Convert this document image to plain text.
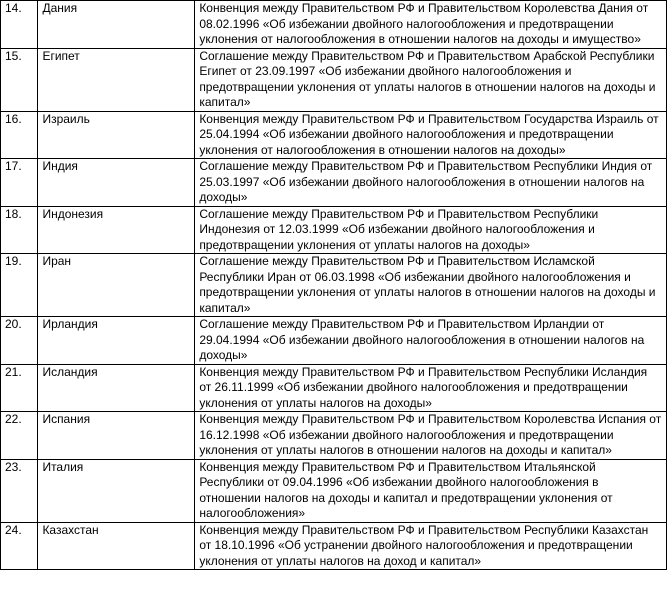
14.	Дания	Конвенция между Правительством РФ и Правительством Королевства Дания от 08.02.1996 «Об избежании двойного налогообложения и предотвращении уклонения от налогообложения в отношении налогов на доходы и имущество»
15.	Египет	Соглашение между Правительством РФ и Правительством Арабской Республики Египет от 23.09.1997 «Об избежании двойного налогообложения и предотвращении уклонения от уплаты налогов в отношении налогов на доходы и капитал»
16.	Израиль	Конвенция между Правительством РФ и Правительством Государства Израиль от 25.04.1994 «Об избежании двойного налогообложения и предотвращении уклонения от налогообложения в отношении налогов на доходы»
17.	Индия	Соглашение между Правительством РФ и Правительством Республики Индия от 25.03.1997 «Об избежании двойного налогообложения в отношении налогов на доходы»
18.	Индонезия	Соглашение между Правительством РФ и Правительством Республики Индонезия от 12.03.1999 «Об избежании двойного налогообложения и предотвращении уклонения от уплаты налогов на доходы»
19.	Иран	Соглашение между Правительством РФ и Правительством Исламской Республики Иран от 06.03.1998 «Об избежании двойного налогообложения и предотвращении уклонения от уплаты налогов в отношении налогов на доходы и капитал»
20.	Ирландия	Соглашение между Правительством РФ и Правительством Ирландии от 29.04.1994 «Об избежании двойного налогообложения в отношении налогов на доходы»
21.	Исландия	Конвенция между Правительством РФ и Правительством Республики Исландия от 26.11.1999 «Об избежании двойного налогообложения и предотвращении уклонения от уплаты налогов на доходы»
22.	Испания	Конвенция между Правительством РФ и Правительством Королевства Испания от 16.12.1998 «Об избежании двойного налогообложения и предотвращении уклонения от уплаты налогов в отношении налогов на доходы и капитал»
23.	Италия	Конвенция между Правительством РФ и Правительством Итальянской Республики от 09.04.1996 «Об избежании двойного налогообложения в отношении налогов на доходы и капитал и предотвращении уклонения от налогообложения»
24.	Казахстан	Конвенция между Правительством РФ и Правительством Республики Казахстан от 18.10.1996 «Об устранении двойного налогообложения и предотвращении уклонения от уплаты налогов на доход и капитал»
